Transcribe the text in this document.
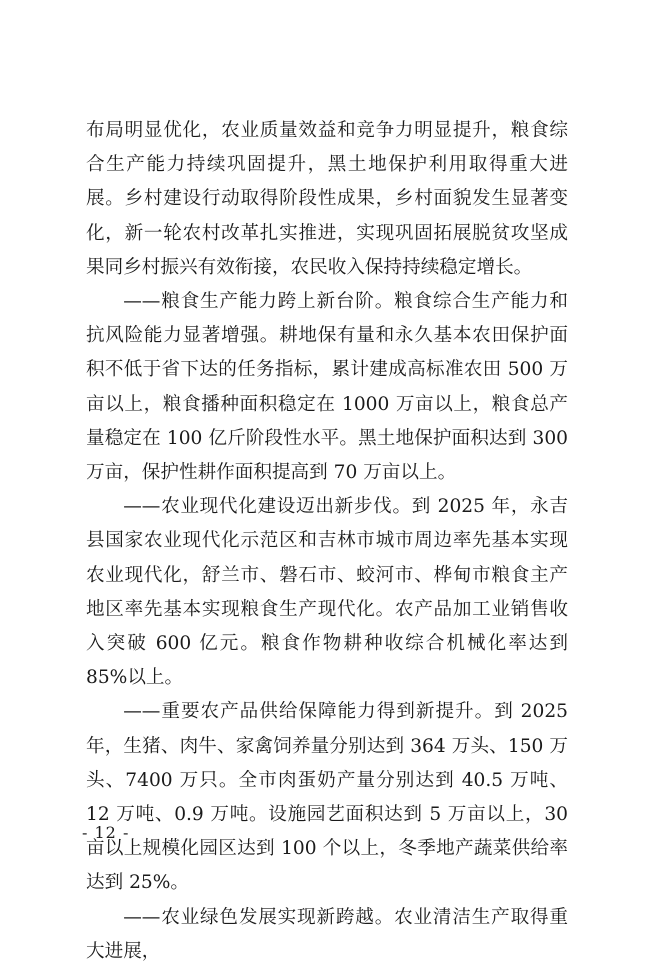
布局明显优化，农业质量效益和竞争力明显提升，粮食综合生产能力持续巩固提升，黑土地保护利用取得重大进展。乡村建设行动取得阶段性成果，乡村面貌发生显著变化，新一轮农村改革扎实推进，实现巩固拓展脱贫攻坚成果同乡村振兴有效衔接，农民收入保持持续稳定增长。

——粮食生产能力跨上新台阶。粮食综合生产能力和抗风险能力显著增强。耕地保有量和永久基本农田保护面积不低于省下达的任务指标，累计建成高标准农田 500 万亩以上，粮食播种面积稳定在 1000 万亩以上，粮食总产量稳定在 100 亿斤阶段性水平。黑土地保护面积达到 300 万亩，保护性耕作面积提高到 70 万亩以上。

——农业现代化建设迈出新步伐。到 2025 年，永吉县国家农业现代化示范区和吉林市城市周边率先基本实现农业现代化，舒兰市、磐石市、蛟河市、桦甸市粮食主产地区率先基本实现粮食生产现代化。农产品加工业销售收入突破 600 亿元。粮食作物耕种收综合机械化率达到 85%以上。

——重要农产品供给保障能力得到新提升。到 2025 年，生猪、肉牛、家禽饲养量分别达到 364 万头、150 万头、7400 万只。全市肉蛋奶产量分别达到 40.5 万吨、12 万吨、0.9 万吨。设施园艺面积达到 5 万亩以上，30 亩以上规模化园区达到 100 个以上，冬季地产蔬菜供给率达到 25%。

——农业绿色发展实现新跨越。农业清洁生产取得重大进展，

- 12 -
